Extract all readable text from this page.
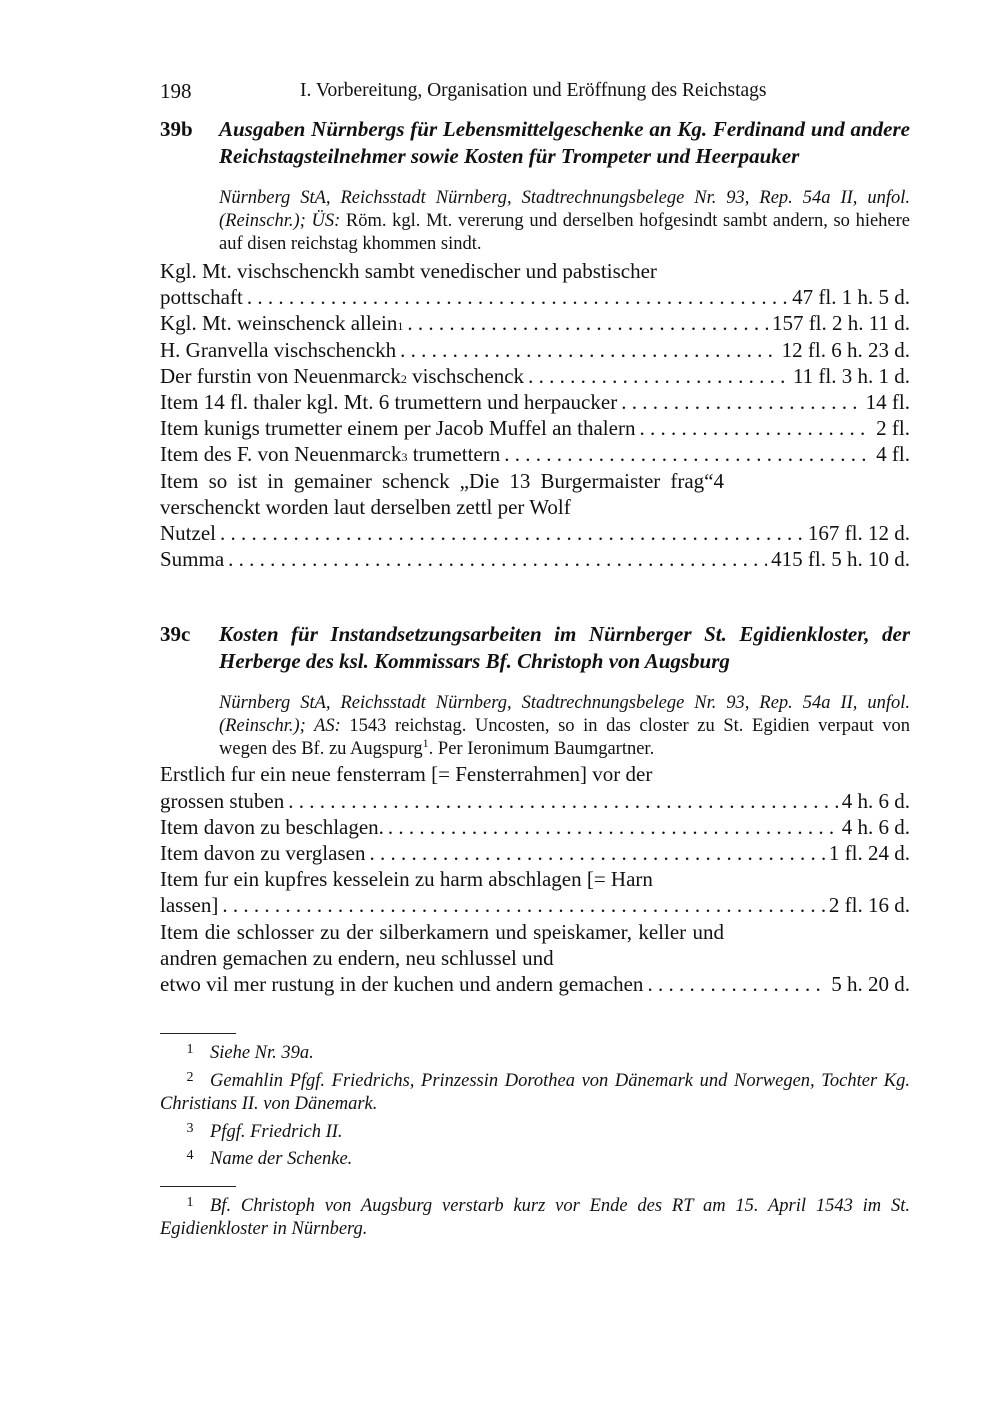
198	I. Vorbereitung, Organisation und Eröffnung des Reichstags
39b	Ausgaben Nürnbergs für Lebensmittelgeschenke an Kg. Ferdinand und andere Reichstagsteilnehmer sowie Kosten für Trompeter und Heerpauker
Nürnberg StA, Reichsstadt Nürnberg, Stadtrechnungsbelege Nr. 93, Rep. 54a II, unfol. (Reinschr.); ÜS: Röm. kgl. Mt. vererung und derselben hofgesindt sambt andern, so hiehere auf disen reichstag khommen sindt.
Kgl. Mt. vischschenckh sambt venedischer und pabstischer
pottschaft . . .	47 fl. 1 h. 5 d.
Kgl. Mt. weinschenck allein 1 . . .	157 fl. 2 h. 11 d.
H. Granvella vischschenckh . . .	12 fl. 6 h. 23 d.
Der furstin von Neuenmarck 2 vischschenck . . .	11 fl. 3 h. 1 d.
Item 14 fl. thaler kgl. Mt. 6 trumettern und herpaucker . . .	14 fl.
Item kunigs trumetter einem per Jacob Muffel an thalern . . .	2 fl.
Item des F. von Neuenmarck 3 trumettern . . .	4 fl.
Item so ist in gemainer schenck „Die 13 Burgermaister frag“4 verschenckt worden laut derselben zettl per Wolf
Nutzel . . .	167 fl. 12 d.
Summa . . .	415 fl. 5 h. 10 d.
39c	Kosten für Instandsetzungsarbeiten im Nürnberger St. Egidienkloster, der Herberge des ksl. Kommissars Bf. Christoph von Augsburg
Nürnberg StA, Reichsstadt Nürnberg, Stadtrechnungsbelege Nr. 93, Rep. 54a II, unfol. (Reinschr.); AS: 1543 reichstag. Uncosten, so in das closter zu St. Egidien verpaut von wegen des Bf. zu Augspurg$^1$. Per Ieronimum Baumgartner.
Erstlich fur ein neue fensterram [= Fensterrahmen] vor der
grossen stuben . . .	4 h. 6 d.
Item davon zu beschlagen. . . .	4 h. 6 d.
Item davon zu verglasen . . .	1 fl. 24 d.
Item fur ein kupfres kesselein zu harm abschlagen [= Harn
lassen] . . .	2 fl. 16 d.
Item die schlosser zu der silberkamern und speiskamer, keller und andren gemachen zu endern, neu schlussel und
etwo vil mer rustung in der kuchen und andern gemachen . . .	5 h. 20 d.
1 Siehe Nr. 39a.
2 Gemahlin Pfgf. Friedrichs, Prinzessin Dorothea von Dänemark und Norwegen, Tochter Kg. Christians II. von Dänemark.
3 Pfgf. Friedrich II.
4 Name der Schenke.
1 Bf. Christoph von Augsburg verstarb kurz vor Ende des RT am 15. April 1543 im St. Egidienkloster in Nürnberg.
